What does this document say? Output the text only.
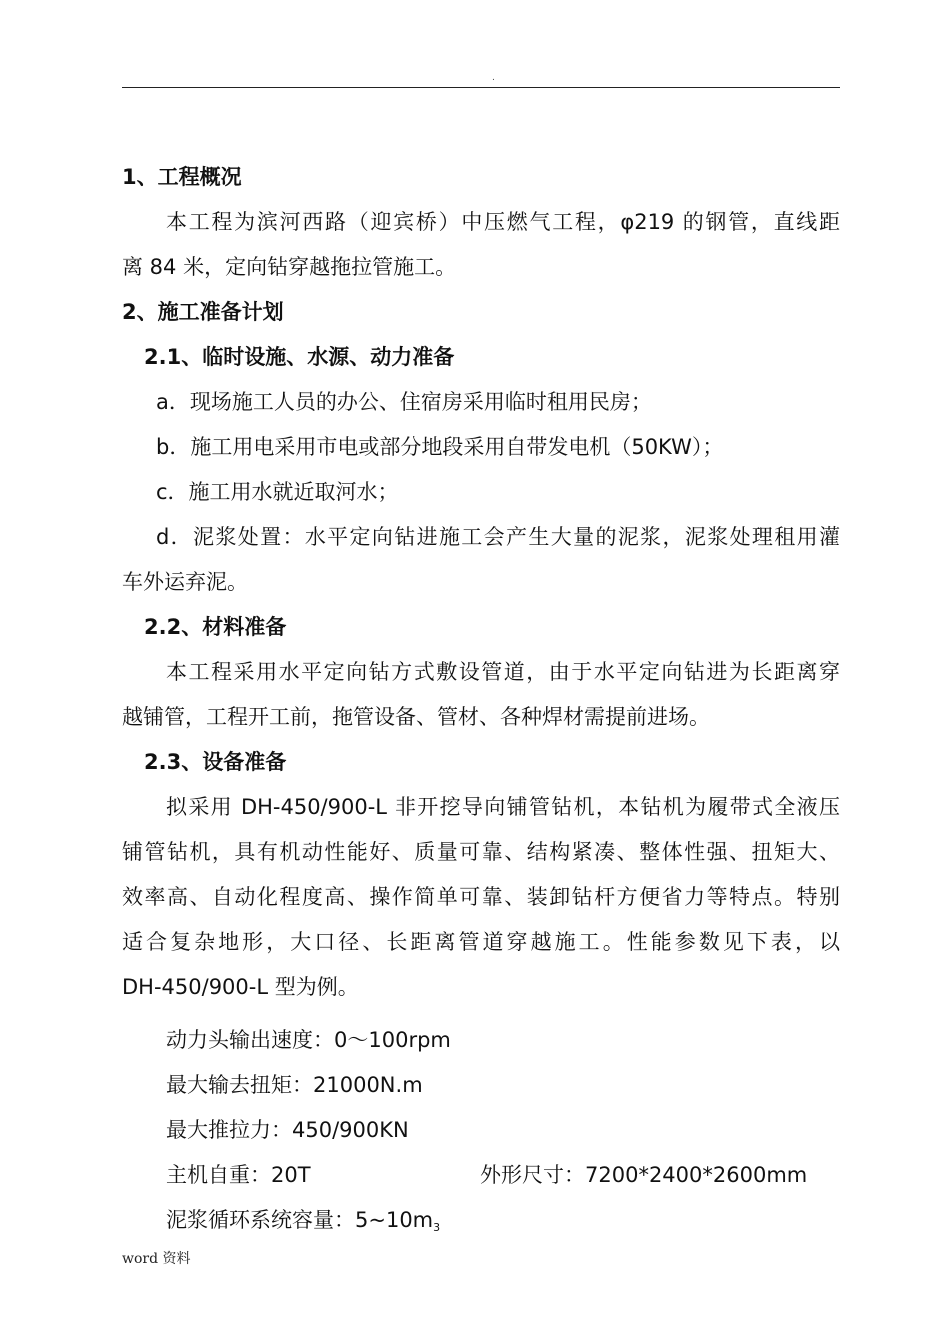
.
1、工程概况
本工程为滨河西路（迎宾桥）中压燃气工程，φ219 的钢管，直线距
离 84 米，定向钻穿越拖拉管施工。
2、施工准备计划
2.1、临时设施、水源、动力准备
a．现场施工人员的办公、住宿房采用临时租用民房；
b．施工用电采用市电或部分地段采用自带发电机（50KW）；
c．施工用水就近取河水；
d．泥浆处置：水平定向钻进施工会产生大量的泥浆，泥浆处理租用灌
车外运弃泥。
2.2、材料准备
本工程采用水平定向钻方式敷设管道，由于水平定向钻进为长距离穿
越铺管，工程开工前，拖管设备、管材、各种焊材需提前进场。
2.3、设备准备
拟采用 DH-450/900-L 非开挖导向铺管钻机，本钻机为履带式全液压
铺管钻机，具有机动性能好、质量可靠、结构紧凑、整体性强、扭矩大、
效率高、自动化程度高、操作简单可靠、装卸钻杆方便省力等特点。特别
适合复杂地形，大口径、长距离管道穿越施工。性能参数见下表，以
DH-450/900-L 型为例。
动力头输出速度：0～100rpm
最大输去扭矩：21000N.m
最大推拉力：450/900KN
主机自重：20T	外形尺寸：7200*2400*2600mm
泥浆循环系统容量：5~10m3
word 资料
